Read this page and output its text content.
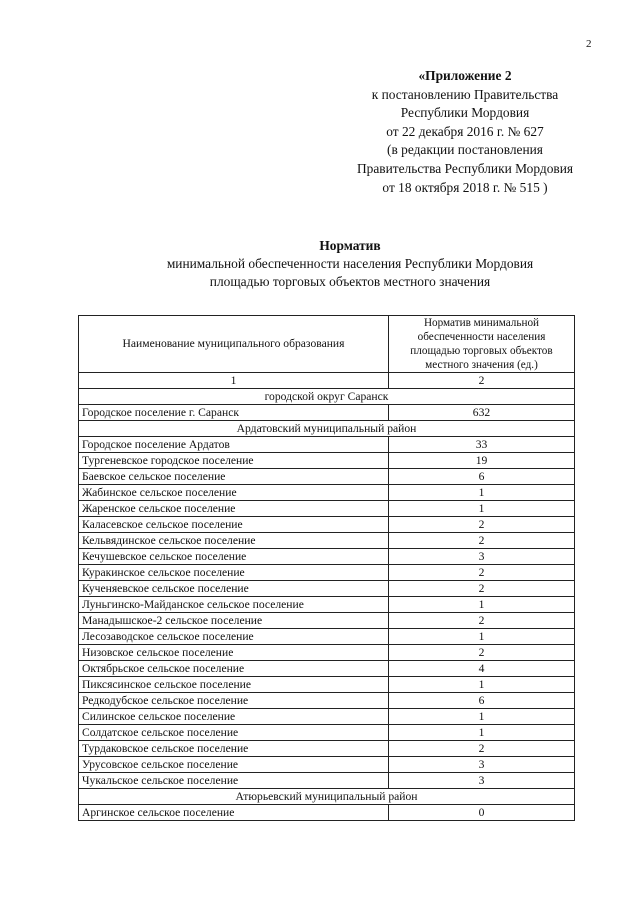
2
«Приложение 2
к постановлению Правительства
Республики Мордовия
от 22 декабря 2016 г. № 627
(в редакции постановления
Правительства Республики Мордовия
от 18 октября 2018 г. № 515 )
Норматив
минимальной обеспеченности населения Республики Мордовия
площадью торговых объектов местного значения
Наименование муниципального образования	Норматив минимальной обеспеченности населения площадью торговых объектов местного значения (ед.)
1	2
городской округ Саранск	
Городское поселение г. Саранск	632
Ардатовский муниципальный район	
Городское поселение Ардатов	33
Тургеневское городское поселение	19
Баевское сельское поселение	6
Жабинское сельское поселение	1
Жаренское сельское поселение	1
Каласевское сельское поселение	2
Кельвядинское сельское поселение	2
Кечушевское сельское поселение	3
Куракинское сельское поселение	2
Кученяевское сельское поселение	2
Луньгинско-Майданское сельское поселение	1
Манадышское-2 сельское поселение	2
Лесозаводское сельское поселение	1
Низовское сельское поселение	2
Октябрьское сельское поселение	4
Пиксясинское сельское поселение	1
Редкодубское сельское поселение	6
Силинское сельское поселение	1
Солдатское сельское поселение	1
Турдаковское сельское поселение	2
Урусовское сельское поселение	3
Чукальское сельское поселение	3
Атюрьевский муниципальный район	
Аргинское сельское поселение	0
